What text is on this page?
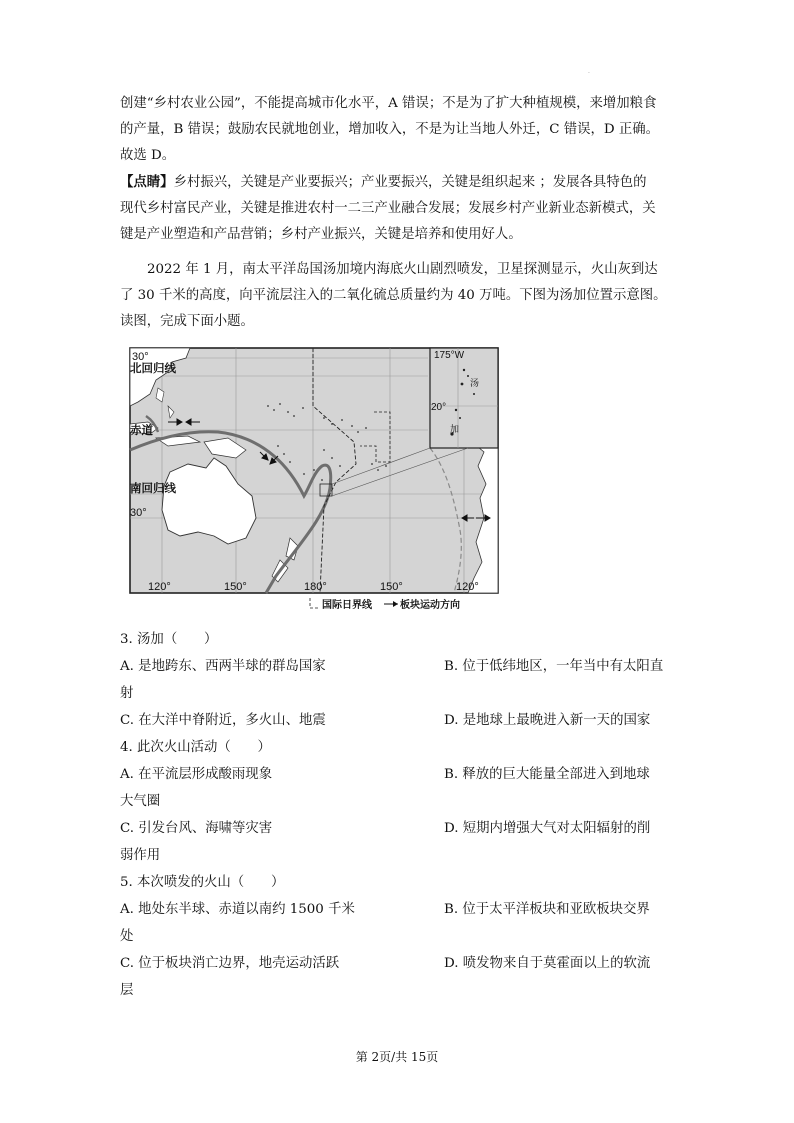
.

创建“乡村农业公园”，不能提高城市化水平，A 错误；不是为了扩大种植规模，来增加粮食

的产量，B 错误；鼓励农民就地创业，增加收入，不是为让当地人外迁，C 错误，D 正确。

故选 D。

【点睛】乡村振兴，关键是产业要振兴；产业要振兴，关键是组织起来 ；发展各具特色的

现代乡村富民产业，关键是推进农村一二三产业融合发展；发展乡村产业新业态新模式，关

键是产业塑造和产品营销；乡村产业振兴，关键是培养和使用好人。

2022 年 1 月，南太平洋岛国汤加境内海底火山剧烈喷发，卫星探测显示，火山灰到达

了 30 千米的高度，向平流层注入的二氧化硫总质量约为 40 万吨。下图为汤加位置示意图。

读图，完成下面小题。

30°
北回归线
赤道
南回归线
30°
120°	150°	180°	150°	120°
175°W
20°
汤
加
国际日界线	板块运动方向
3. 汤加（　　）
A. 是地跨东、西两半球的群岛国家	B. 位于低纬地区，一年当中有太阳直
射
C. 在大洋中脊附近，多火山、地震	D. 是地球上最晚进入新一天的国家
4. 此次火山活动（　　）
A. 在平流层形成酸雨现象	B. 释放的巨大能量全部进入到地球
大气圈
C. 引发台风、海啸等灾害	D. 短期内增强大气对太阳辐射的削
弱作用
5. 本次喷发的火山（　　）
A. 地处东半球、赤道以南约 1500 千米	B. 位于太平洋板块和亚欧板块交界
处
C. 位于板块消亡边界，地壳运动活跃	D. 喷发物来自于莫霍面以上的软流
层
第 2页/共 15页
